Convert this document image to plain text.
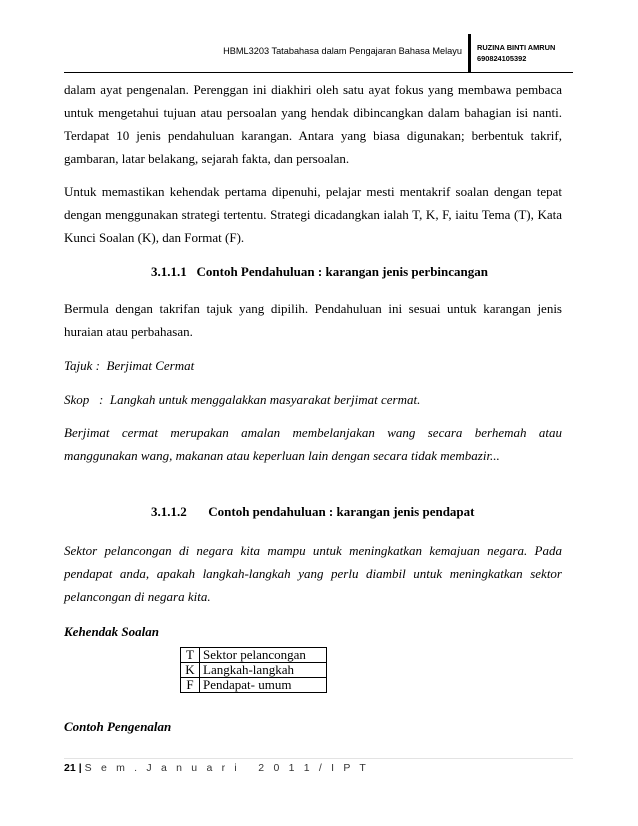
HBML3203 Tatabahasa dalam Pengajaran Bahasa Melayu RUZINA BINTI AMRUN
690824105392

dalam ayat pengenalan. Perenggan ini diakhiri oleh satu ayat fokus yang membawa pembaca untuk mengetahui tujuan atau persoalan yang hendak dibincangkan dalam bahagian isi nanti. Terdapat 10 jenis pendahuluan karangan. Antara yang biasa digunakan; berbentuk takrif, gambaran, latar belakang, sejarah fakta, dan persoalan.

Untuk memastikan kehendak pertama dipenuhi, pelajar mesti mentakrif soalan dengan tepat dengan menggunakan strategi tertentu. Strategi dicadangkan ialah T, K, F, iaitu Tema (T), Kata Kunci Soalan (K), dan Format (F).

3.1.1.1 Contoh Pendahuluan : karangan jenis perbincangan

Bermula dengan takrifan tajuk yang dipilih. Pendahuluan ini sesuai untuk karangan jenis huraian atau perbahasan.

Tajuk :  Berjimat Cermat

Skop   :  Langkah untuk menggalakkan masyarakat berjimat cermat.

Berjimat cermat merupakan amalan membelanjakan wang secara berhemah atau manggunakan wang, makanan atau keperluan lain dengan secara tidak membazir...

3.1.1.2 Contoh pendahuluan : karangan jenis pendapat

Sektor pelancongan di negara kita mampu untuk meningkatkan kemajuan negara. Pada pendapat anda, apakah langkah-langkah yang perlu diambil untuk meningkatkan sektor pelancongan di negara kita.

Kehendak Soalan

T	Sektor pelancongan
K	Langkah-langkah
F	Pendapat- umum

Contoh Pengenalan

21 | S e m . J a n u a r i   2 0 1 1 / I P T
